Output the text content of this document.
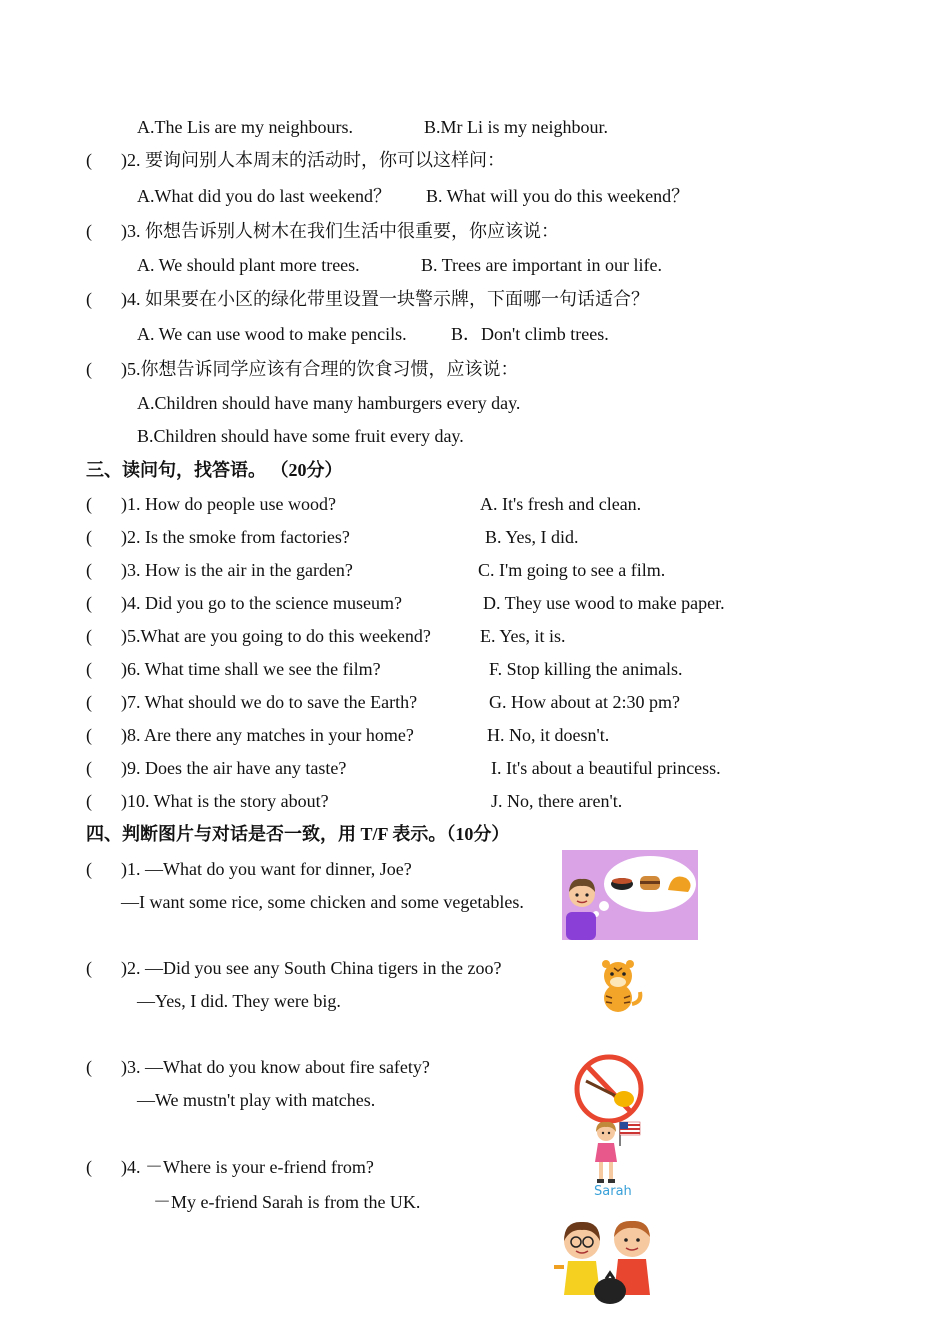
A.The Lis are my neighbours.	B.Mr Li is my neighbour.
( )2. 要询问别人本周末的活动时，你可以这样问：
A.What did you do last weekend？ B. What will you do this weekend？
( )3. 你想告诉别人树木在我们生活中很重要，你应该说：
A. We should plant more trees.	B. Trees are important in our life.
( )4. 如果要在小区的绿化带里设置一块警示牌，下面哪一句话适合？
A. We can use wood to make pencils. B．Don't climb trees.
( )5.你想告诉同学应该有合理的饮食习惯，应该说：
A.Children should have many hamburgers every day.
B.Children should have some fruit every day.
三、读问句，找答语。 （20分）
( )1. How do people use wood?	A. It's fresh and clean.
( )2. Is the smoke from factories?	B. Yes, I did.
( )3. How is the air in the garden?	C. I'm going to see a film.
( )4. Did you go to the science museum?	D. They use wood to make paper.
( )5.What are you going to do this weekend?	E. Yes, it is.
( )6. What time shall we see the film?	F. Stop killing the animals.
( )7. What should we do to save the Earth?	G. How about at 2:30 pm?
( )8. Are there any matches in your home?	H. No, it doesn't.
( )9. Does the air have any taste?	I. It's about a beautiful princess.
( )10. What is the story about?	J. No, there aren't.
四、判断图片与对话是否一致，用 T/F 表示。（10分）
( )1. —What do you want for dinner, Joe?
—I want some rice, some chicken and some vegetables.
( )2. —Did you see any South China tigers in the zoo?
—Yes, I did. They were big.
( )3. —What do you know about fire safety?
—We mustn't play with matches.
( )4. －Where is your e-friend from?
－My e-friend Sarah is from the UK.
Sarah
